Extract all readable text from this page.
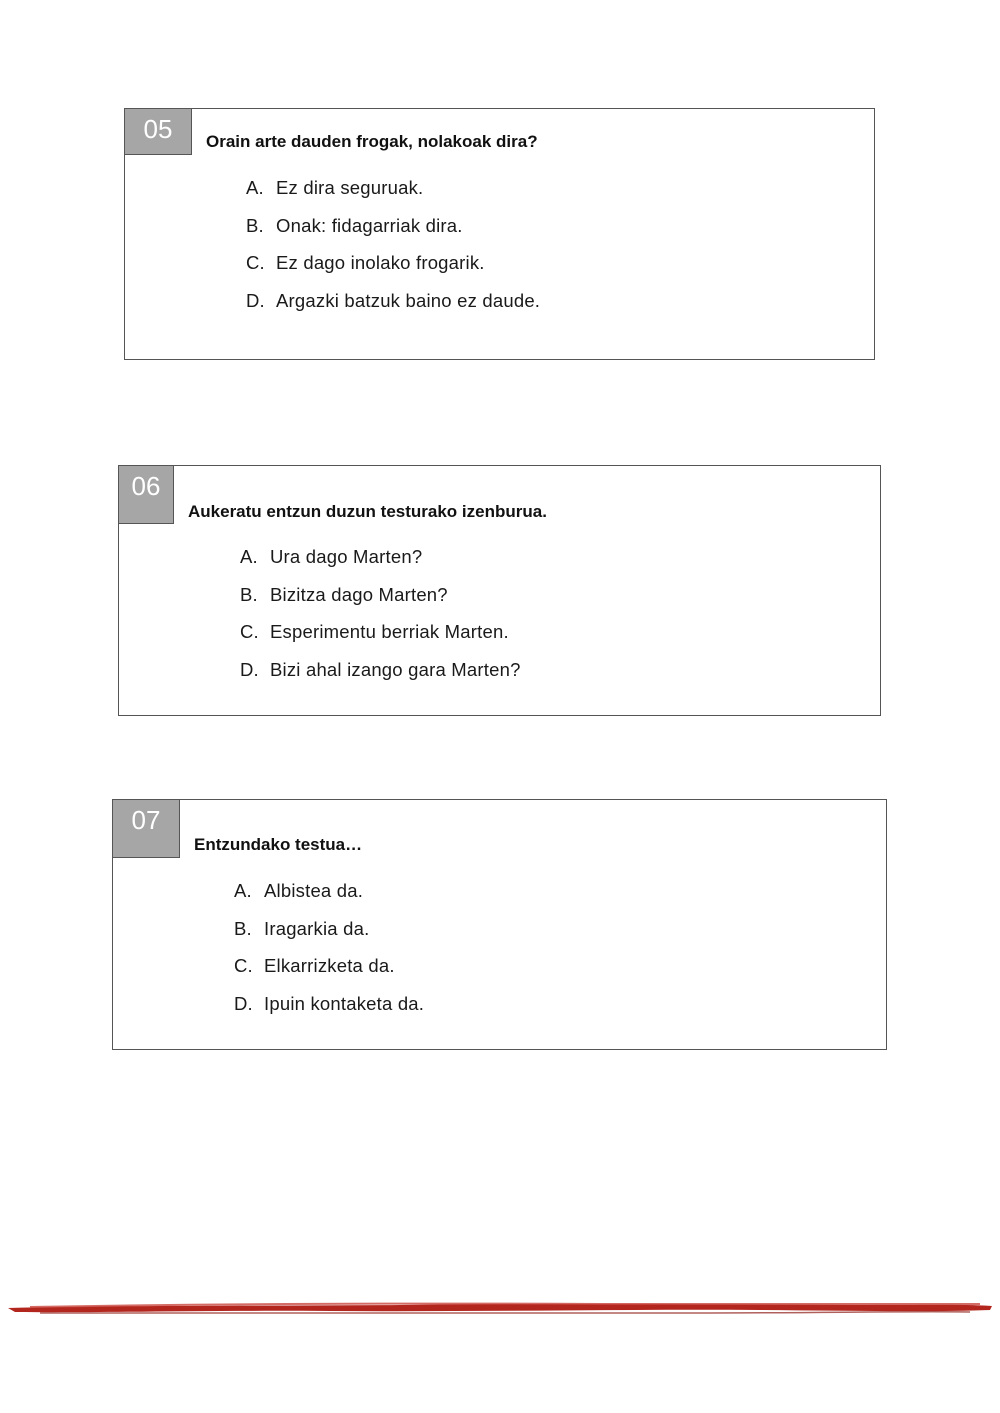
05	Orain arte dauden frogak, nolakoak dira?
A. Ez dira seguruak.
B. Onak: fidagarriak dira.
C. Ez dago inolako frogarik.
D. Argazki batzuk baino ez daude.
06
Aukeratu entzun duzun testurako izenburua.
A. Ura dago Marten?
B. Bizitza dago Marten?
C. Esperimentu berriak Marten.
D. Bizi ahal izango gara Marten?
07
Entzundako testua…
A. Albistea da.
B. Iragarkia da.
C. Elkarrizketa da.
D. Ipuin kontaketa da.
